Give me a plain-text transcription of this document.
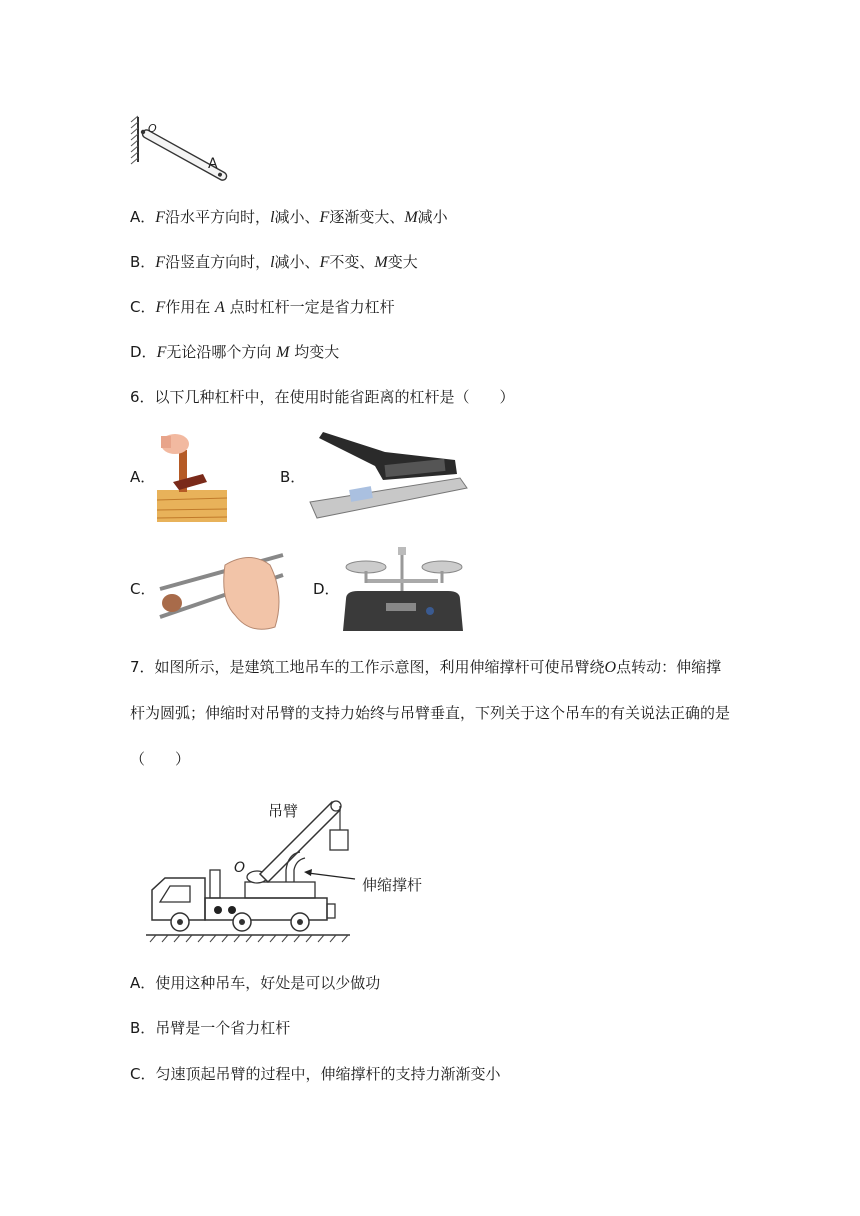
O
A
A．F沿水平方向时，l减小、F逐渐变大、M减小
B．F沿竖直方向时，l减小、F不变、M变大
C．F作用在 A 点时杠杆一定是省力杠杆
D．F无论沿哪个方向 M 均变大
6．以下几种杠杆中，在使用时能省距离的杠杆是（　　）
A．	B．
C．	D．
7．如图所示，是建筑工地吊车的工作示意图，利用伸缩撑杆可使吊臂绕O点转动：伸缩撑
杆为圆弧；伸缩时对吊臂的支持力始终与吊臂垂直，下列关于这个吊车的有关说法正确的是
（　　）
吊臂
O
伸缩撑杆
A．使用这种吊车，好处是可以少做功
B．吊臂是一个省力杠杆
C．匀速顶起吊臂的过程中，伸缩撑杆的支持力渐渐变小
